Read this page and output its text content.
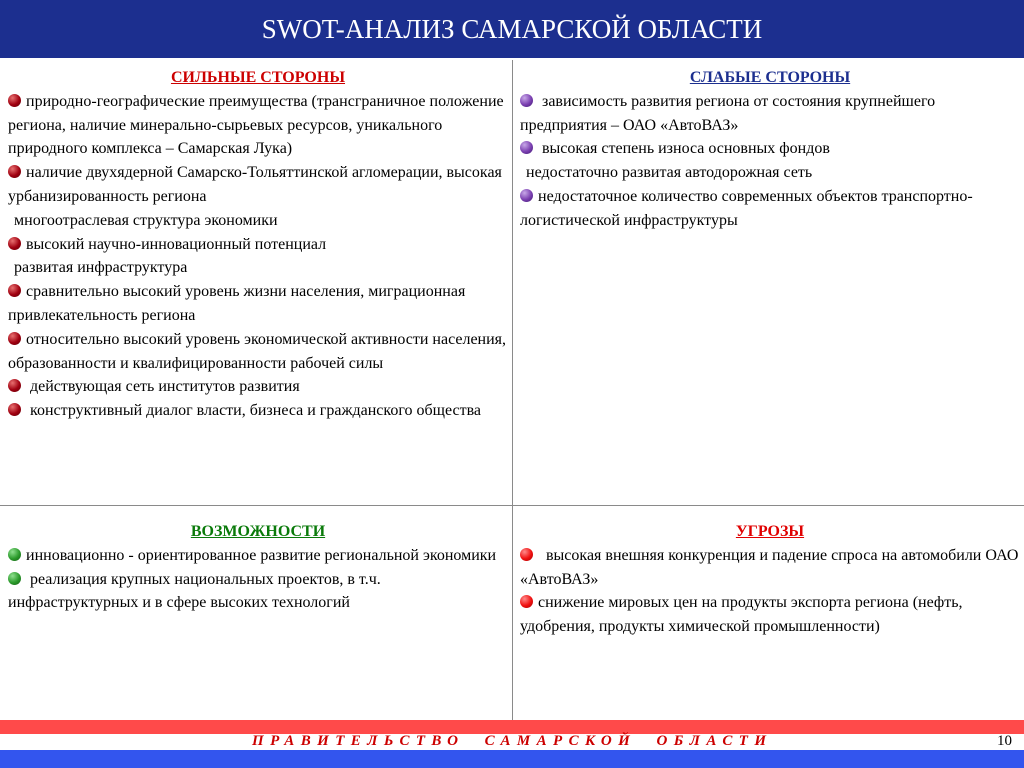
SWOT-АНАЛИЗ САМАРСКОЙ ОБЛАСТИ
СИЛЬНЫЕ СТОРОНЫ
природно-географические преимущества (трансграничное положение региона, наличие минерально-сырьевых ресурсов, уникального природного комплекса – Самарская Лука)
наличие двухядерной Самарско-Тольяттинской агломерации, высокая урбанизированность региона
многоотраслевая структура экономики
высокий научно-инновационный потенциал
развитая инфраструктура
сравнительно высокий уровень жизни населения, миграционная привлекательность региона
относительно высокий уровень экономической активности населения, образованности и квалифицированности рабочей силы
действующая сеть институтов развития
конструктивный диалог власти, бизнеса и гражданского общества
СЛАБЫЕ СТОРОНЫ
зависимость развития региона от состояния крупнейшего предприятия – ОАО «АвтоВАЗ»
высокая степень износа основных фондов
недостаточно развитая автодорожная сеть
недостаточное количество современных объектов транспортно-логистической инфраструктуры
ВОЗМОЖНОСТИ
инновационно - ориентированное развитие региональной экономики
реализация крупных национальных проектов, в т.ч. инфраструктурных и в сфере высоких технологий
УГРОЗЫ
высокая внешняя конкуренция и падение спроса на автомобили ОАО «АвтоВАЗ»
снижение мировых цен на продукты экспорта региона (нефть, удобрения, продукты химической промышленности)
ПРАВИТЕЛЬСТВО  САМАРСКОЙ  ОБЛАСТИ	10
